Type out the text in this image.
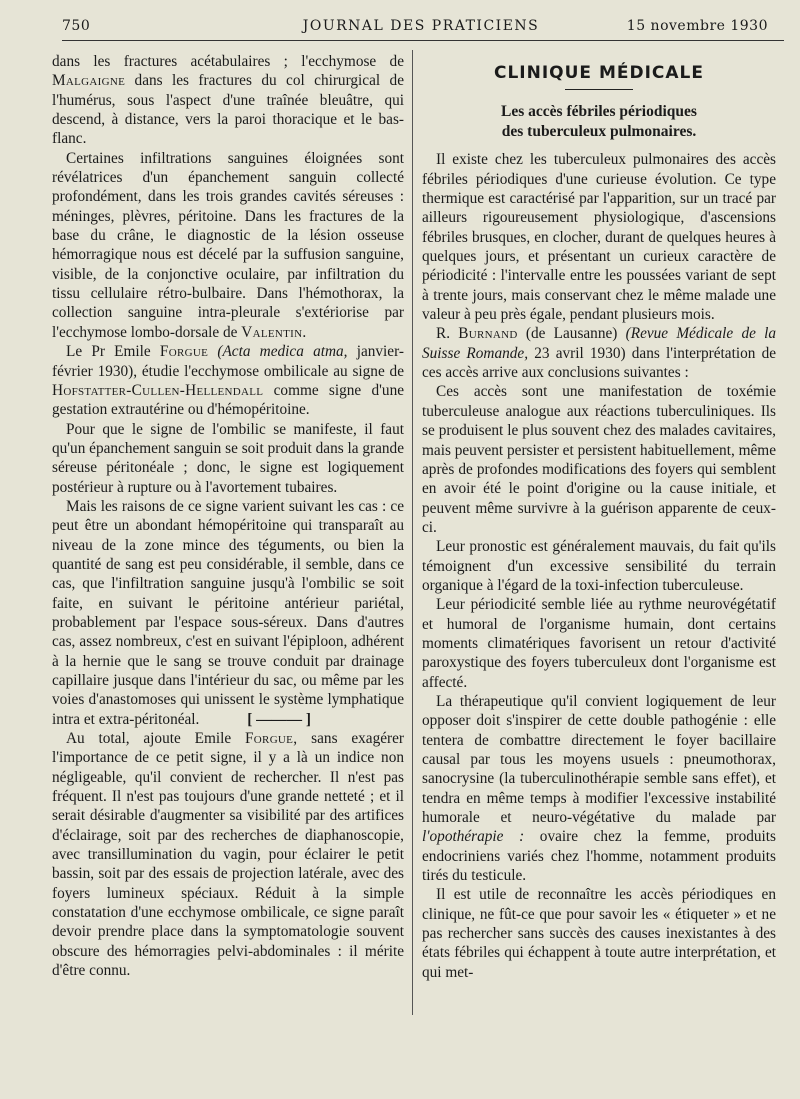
750	JOURNAL DES PRATICIENS	15 novembre 1930

dans les fractures acétabulaires ; l'ecchymose de Malgaigne dans les fractures du col chirurgical de l'humérus, sous l'aspect d'une traînée bleuâtre, qui descend, à distance, vers la paroi thoracique et le bas-flanc.

Certaines infiltrations sanguines éloignées sont révélatrices d'un épanchement sanguin collecté profondément, dans les trois grandes cavités séreuses : méninges, plèvres, péritoine. Dans les fractures de la base du crâne, le diagnostic de la lésion osseuse hémorragique nous est décelé par la suffusion sanguine, visible, de la conjonctive oculaire, par infiltration du tissu cellulaire rétro-bulbaire. Dans l'hémothorax, la collection sanguine intra-pleurale s'extériorise par l'ecchymose lombo-dorsale de Valentin.

Le Pr Emile Forgue (Acta medica atma, janvier-février 1930), étudie l'ecchymose ombilicale au signe de Hofstatter-Cullen-Hellendall comme signe d'une gestation extrautérine ou d'hémopéritoine.

Pour que le signe de l'ombilic se manifeste, il faut qu'un épanchement sanguin se soit produit dans la grande séreuse péritonéale ; donc, le signe est logiquement postérieur à rupture ou à l'avortement tubaires.

Mais les raisons de ce signe varient suivant les cas : ce peut être un abondant hémopéritoine qui transparaît au niveau de la zone mince des téguments, ou bien la quantité de sang est peu considérable, il semble, dans ce cas, que l'infiltration sanguine jusqu'à l'ombilic se soit faite, en suivant le péritoine antérieur pariétal, probablement par l'espace sous-séreux. Dans d'autres cas, assez nombreux, c'est en suivant l'épiploon, adhérent à la hernie que le sang se trouve conduit par drainage capillaire jusque dans l'intérieur du sac, ou même par les voies d'anastomoses qui unissent le système lymphatique intra et extra-péritonéal.	[ ——— ]

Au total, ajoute Emile Forgue, sans exagérer l'importance de ce petit signe, il y a là un indice non négligeable, qu'il convient de rechercher. Il n'est pas fréquent. Il n'est pas toujours d'une grande netteté ; et il serait désirable d'augmenter sa visibilité par des artifices d'éclairage, soit par des recherches de diaphanoscopie, avec transillumination du vagin, pour éclairer le petit bassin, soit par des essais de projection latérale, avec des foyers lumineux spéciaux. Réduit à la simple constatation d'une ecchymose ombilicale, ce signe paraît devoir prendre place dans la symptomatologie souvent obscure des hémorragies pelvi-abdominales : il mérite d'être connu.

CLINIQUE MÉDICALE
Les accès fébriles périodiques
des tuberculeux pulmonaires.

Il existe chez les tuberculeux pulmonaires des accès fébriles périodiques d'une curieuse évolution. Ce type thermique est caractérisé par l'apparition, sur un tracé par ailleurs rigoureusement physiologique, d'ascensions fébriles brusques, en clocher, durant de quelques heures à quelques jours, et présentant un curieux caractère de périodicité : l'intervalle entre les poussées variant de sept à trente jours, mais conservant chez le même malade une valeur à peu près égale, pendant plusieurs mois.

R. Burnand (de Lausanne) (Revue Médicale de la Suisse Romande, 23 avril 1930) dans l'interprétation de ces accès arrive aux conclusions suivantes :

Ces accès sont une manifestation de toxémie tuberculeuse analogue aux réactions tuberculiniques. Ils se produisent le plus souvent chez des malades cavitaires, mais peuvent persister et persistent habituellement, même après de profondes modifications des foyers qui semblent en avoir été le point d'origine ou la cause initiale, et peuvent même survivre à la guérison apparente de ceux-ci.

Leur pronostic est généralement mauvais, du fait qu'ils témoignent d'un excessive sensibilité du terrain organique à l'égard de la toxi-infection tuberculeuse.

Leur périodicité semble liée au rythme neurovégétatif et humoral de l'organisme humain, dont certains moments climatériques favorisent un retour d'activité paroxystique des foyers tuberculeux dont l'organisme est affecté.

La thérapeutique qu'il convient logiquement de leur opposer doit s'inspirer de cette double pathogénie : elle tentera de combattre directement le foyer bacillaire causal par tous les moyens usuels : pneumothorax, sanocrysine (la tuberculinothérapie semble sans effet), et tendra en même temps à modifier l'excessive instabilité humorale et neuro-végétative du malade par l'opothérapie : ovaire chez la femme, produits endocriniens variés chez l'homme, notamment produits tirés du testicule.

Il est utile de reconnaître les accès périodiques en clinique, ne fût-ce que pour savoir les « étiqueter » et ne pas rechercher sans succès des causes inexistantes à des états fébriles qui échappent à toute autre interprétation, et qui met-
